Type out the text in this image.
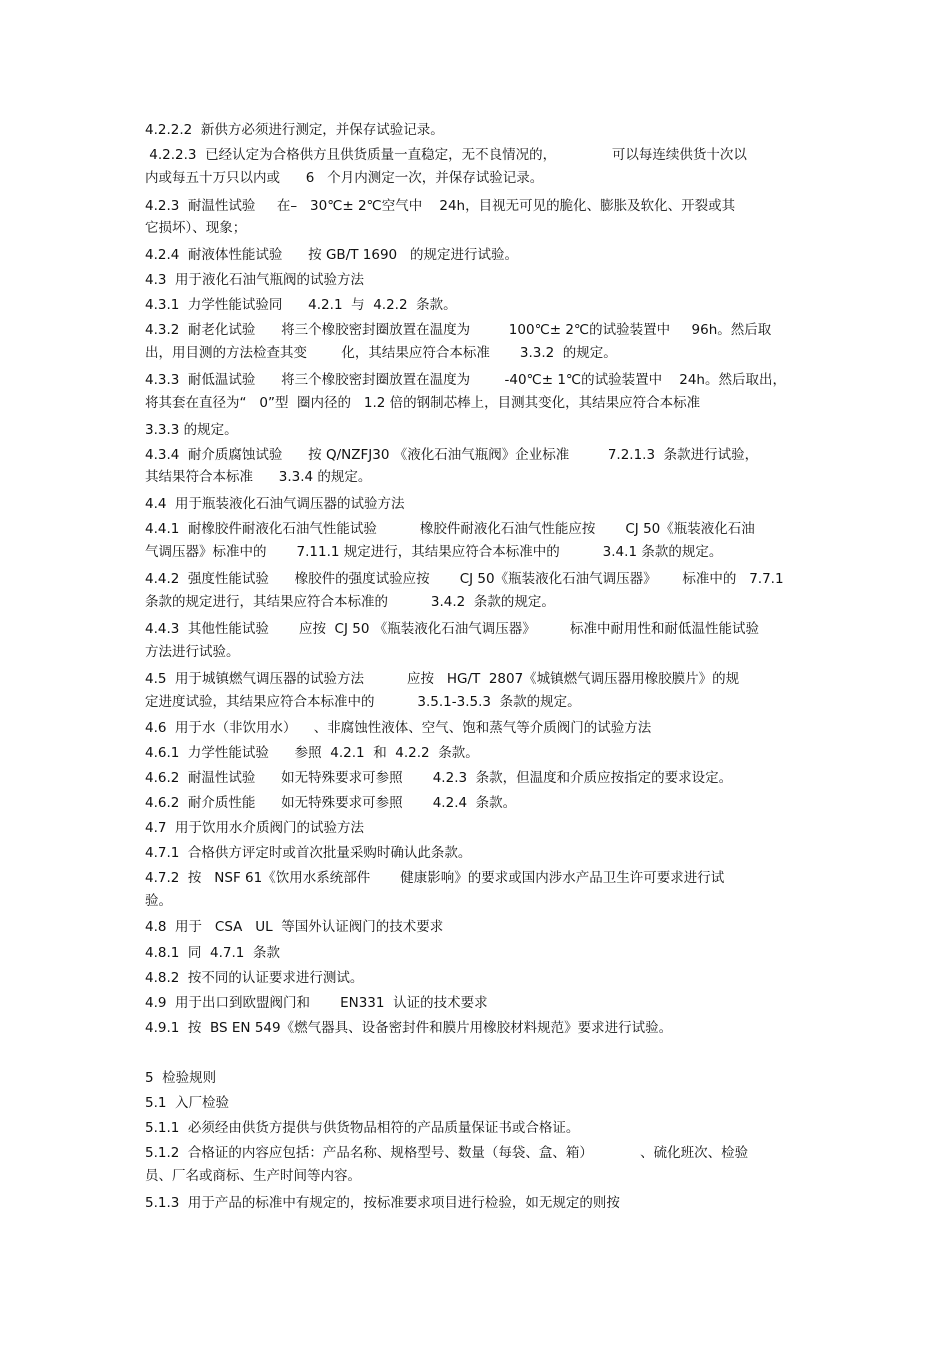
4.2.2.2  新供方必须进行测定，并保存试验记录。
4.2.2.3  已经认定为合格供方且供货质量一直稳定，无不良情况的，             可以每连续供货十次以
内或每五十万只以内或      6   个月内测定一次，并保存试验记录。
4.2.3  耐温性试验     在–   30℃± 2℃空气中    24h，目视无可见的脆化、膨胀及软化、开裂或其
它损坏）、现象；
4.2.4  耐液体性能试验      按 GB/T 1690   的规定进行试验。
4.3  用于液化石油气瓶阀的试验方法
4.3.1  力学性能试验同      4.2.1  与  4.2.2  条款。
4.3.2  耐老化试验      将三个橡胶密封圈放置在温度为         100℃± 2℃的试验装置中     96h。然后取
出，用目测的方法检查其变        化，其结果应符合本标准       3.3.2  的规定。
4.3.3  耐低温试验      将三个橡胶密封圈放置在温度为        -40℃± 1℃的试验装置中    24h。然后取出，
将其套在直径为“   0”型  圈内径的   1.2 倍的钢制芯棒上，目测其变化，其结果应符合本标准
3.3.3 的规定。
4.3.4  耐介质腐蚀试验      按 Q/NZFJ30 《液化石油气瓶阀》企业标准         7.2.1.3  条款进行试验，
其结果符合本标准      3.3.4 的规定。
4.4  用于瓶装液化石油气调压器的试验方法
4.4.1  耐橡胶件耐液化石油气性能试验          橡胶件耐液化石油气性能应按       CJ 50《瓶装液化石油
气调压器》标准中的       7.11.1 规定进行，其结果应符合本标准中的          3.4.1 条款的规定。
4.4.2  强度性能试验      橡胶件的强度试验应按       CJ 50《瓶装液化石油气调压器》      标准中的   7.7.1
条款的规定进行，其结果应符合本标准的          3.4.2  条款的规定。
4.4.3  其他性能试验       应按  CJ 50 《瓶装液化石油气调压器》        标准中耐用性和耐低温性能试验
方法进行试验。
4.5  用于城镇燃气调压器的试验方法          应按   HG/T  2807《城镇燃气调压器用橡胶膜片》的规
定进度试验，其结果应符合本标准中的          3.5.1-3.5.3  条款的规定。
4.6  用于水（非饮用水）    、非腐蚀性液体、空气、饱和蒸气等介质阀门的试验方法
4.6.1  力学性能试验      参照  4.2.1  和  4.2.2  条款。
4.6.2  耐温性试验      如无特殊要求可参照       4.2.3  条款，但温度和介质应按指定的要求设定。
4.6.2  耐介质性能      如无特殊要求可参照       4.2.4  条款。
4.7  用于饮用水介质阀门的试验方法
4.7.1  合格供方评定时或首次批量采购时确认此条款。
4.7.2  按   NSF 61《饮用水系统部件       健康影响》的要求或国内涉水产品卫生许可要求进行试
验。
4.8  用于   CSA   UL  等国外认证阀门的技术要求
4.8.1  同  4.7.1  条款
4.8.2  按不同的认证要求进行测试。
4.9  用于出口到欧盟阀门和       EN331  认证的技术要求
4.9.1  按  BS EN 549《燃气器具、设备密封件和膜片用橡胶材料规范》要求进行试验。
5  检验规则
5.1  入厂检验
5.1.1  必须经由供货方提供与供货物品相符的产品质量保证书或合格证。
5.1.2  合格证的内容应包括：产品名称、规格型号、数量（每袋、盒、箱）           、硫化班次、检验
员、厂名或商标、生产时间等内容。
5.1.3  用于产品的标准中有规定的，按标准要求项目进行检验，如无规定的则按
